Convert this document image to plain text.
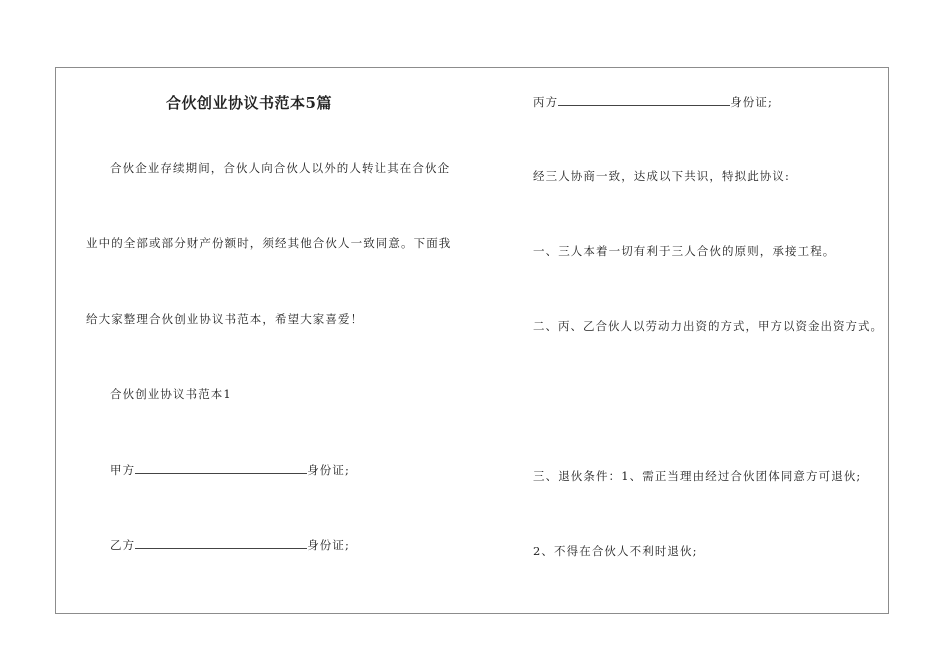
合伙创业协议书范本5篇
合伙企业存续期间，合伙人向合伙人以外的人转让其在合伙企
业中的全部或部分财产份额时，须经其他合伙人一致同意。下面我
给大家整理合伙创业协议书范本，希望大家喜爱！
合伙创业协议书范本1
甲方	身份证;
乙方	身份证;
丙方	身份证;
经三人协商一致，达成以下共识，特拟此协议:
一、三人本着一切有利于三人合伙的原则，承接工程。
二、丙、乙合伙人以劳动力出资的方式，甲方以资金出资方式。
三、退伙条件：1、需正当理由经过合伙团体同意方可退伙;
2、不得在合伙人不利时退伙;
